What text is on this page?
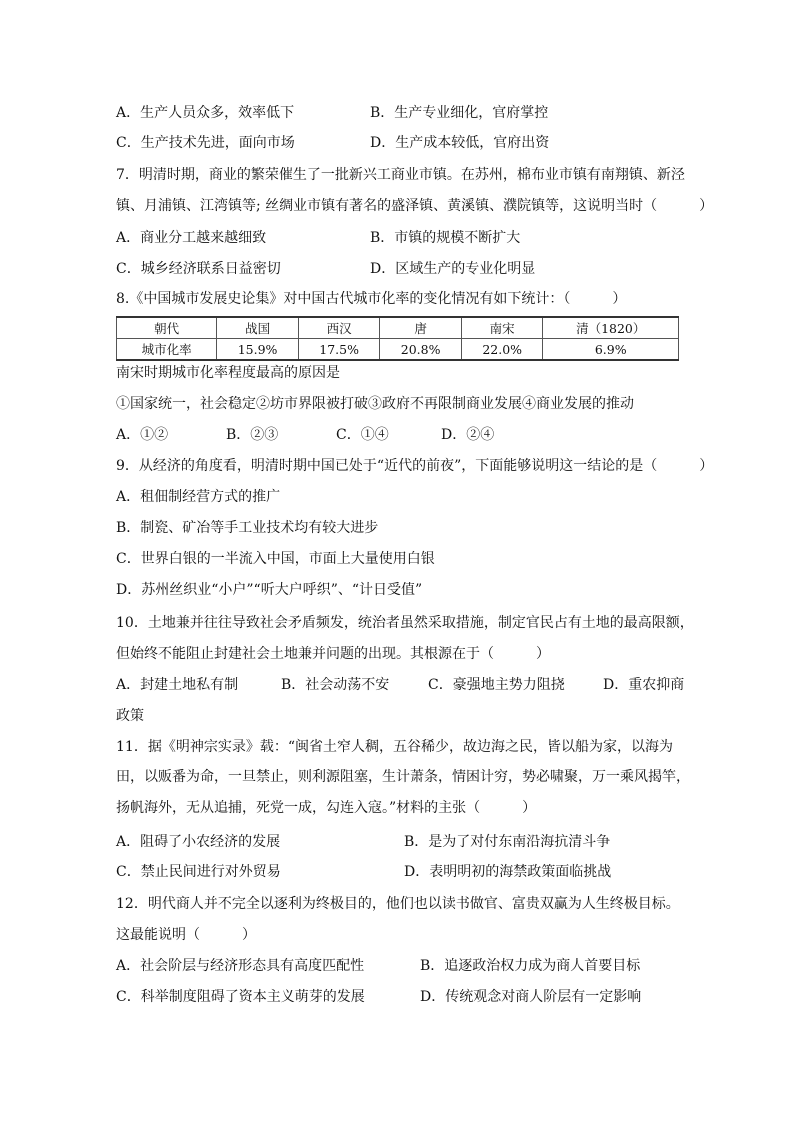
A．生产人员众多，效率低下	B．生产专业细化，官府掌控
C．生产技术先进，面向市场	D．生产成本较低，官府出资
7．明清时期，商业的繁荣催生了一批新兴工商业市镇。在苏州，棉布业市镇有南翔镇、新泾
镇、月浦镇、江湾镇等; 丝绸业市镇有著名的盛泽镇、黄溪镇、濮院镇等，这说明当时（　　　）
A．商业分工越来越细致	B．市镇的规模不断扩大
C．城乡经济联系日益密切	D．区域生产的专业化明显
8.《中国城市发展史论集》对中国古代城市化率的变化情况有如下统计：（　　　）
朝代	战国	西汉	唐	南宋	清（1820）
城市化率	15.9%	17.5%	20.8%	22.0%	6.9%
南宋时期城市化率程度最高的原因是
①国家统一，社会稳定②坊市界限被打破③政府不再限制商业发展④商业发展的推动
A．①②	B．②③	C．①④	D．②④
9．从经济的角度看，明清时期中国已处于“近代的前夜”，下面能够说明这一结论的是（　　　）
A．租佃制经营方式的推广
B．制瓷、矿冶等手工业技术均有较大进步
C．世界白银的一半流入中国，市面上大量使用白银
D．苏州丝织业“小户”“听大户呼织”、“计日受值”
10．土地兼并往往导致社会矛盾频发，统治者虽然采取措施，制定官民占有土地的最高限额，
但始终不能阻止封建社会土地兼并问题的出现。其根源在于（　　　）
A．封建土地私有制	B．社会动荡不安	C．豪强地主势力阻挠	D．重农抑商
政策
11．据《明神宗实录》载：“闽省土窄人稠，五谷稀少，故边海之民，皆以船为家，以海为
田，以贩番为命，一旦禁止，则利源阻塞，生计萧条，情困计穷，势必啸聚，万一乘风揭竿，
扬帆海外，无从追捕，死党一成，勾连入寇。”材料的主张（　　　）
A．阻碍了小农经济的发展	B．是为了对付东南沿海抗清斗争
C．禁止民间进行对外贸易	D．表明明初的海禁政策面临挑战
12．明代商人并不完全以逐利为终极目的，他们也以读书做官、富贵双赢为人生终极目标。
这最能说明（　　　）
A．社会阶层与经济形态具有高度匹配性	B．追逐政治权力成为商人首要目标
C．科举制度阻碍了资本主义萌芽的发展	D．传统观念对商人阶层有一定影响
